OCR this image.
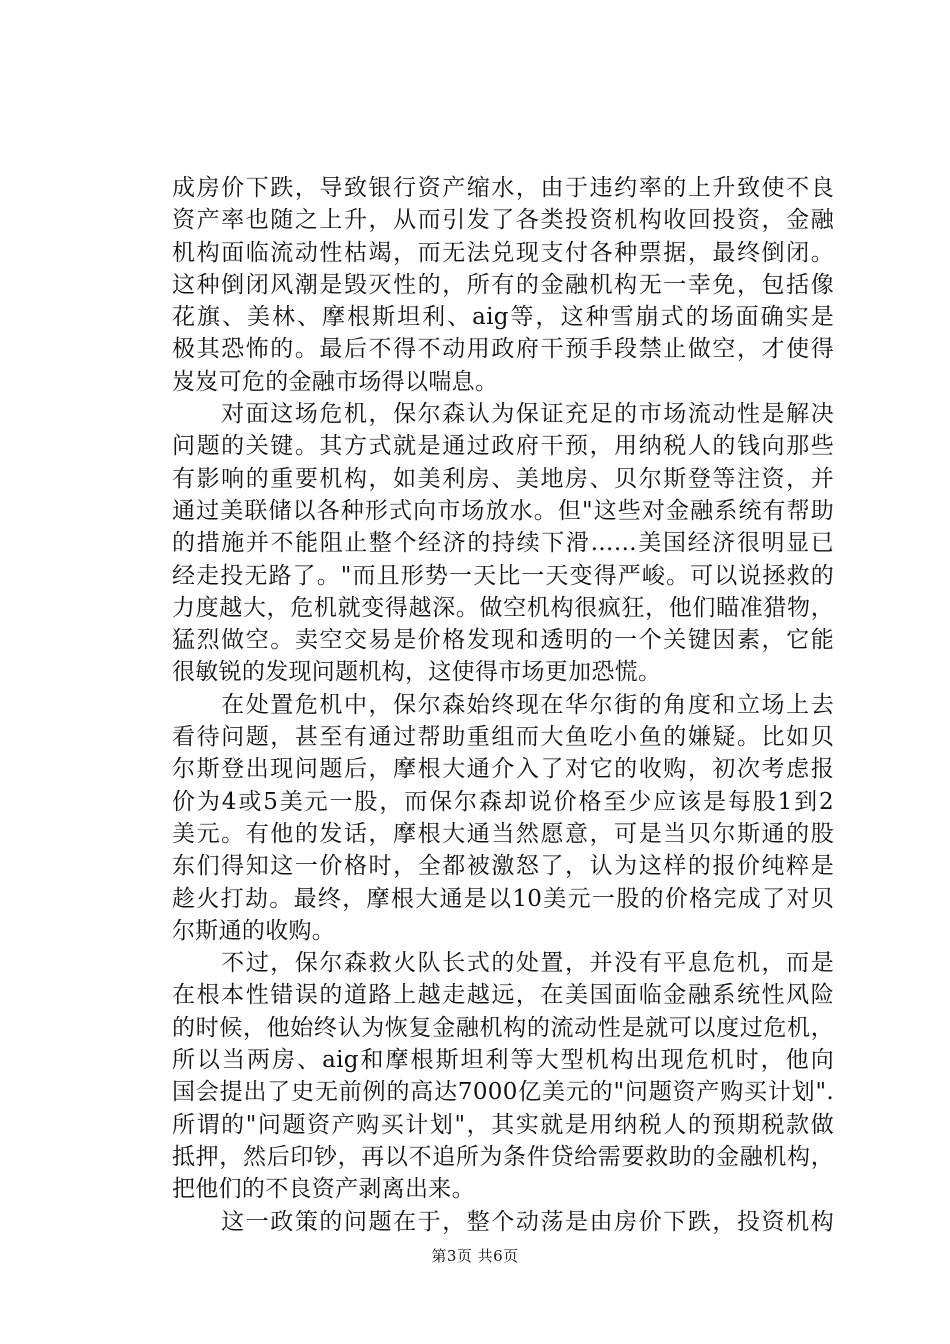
成房价下跌，导致银行资产缩水，由于违约率的上升致使不良
资产率也随之上升，从而引发了各类投资机构收回投资，金融
机构面临流动性枯竭，而无法兑现支付各种票据，最终倒闭。
这种倒闭风潮是毁灭性的，所有的金融机构无一幸免，包括像
花旗、美林、摩根斯坦利、aig等，这种雪崩式的场面确实是
极其恐怖的。最后不得不动用政府干预手段禁止做空，才使得
岌岌可危的金融市场得以喘息。
　　对面这场危机，保尔森认为保证充足的市场流动性是解决
问题的关键。其方式就是通过政府干预，用纳税人的钱向那些
有影响的重要机构，如美利房、美地房、贝尔斯登等注资，并
通过美联储以各种形式向市场放水。但"这些对金融系统有帮助
的措施并不能阻止整个经济的持续下滑……美国经济很明显已
经走投无路了。"而且形势一天比一天变得严峻。可以说拯救的
力度越大，危机就变得越深。做空机构很疯狂，他们瞄准猎物，
猛烈做空。卖空交易是价格发现和透明的一个关键因素，它能
很敏锐的发现问题机构，这使得市场更加恐慌。
　　在处置危机中，保尔森始终现在华尔街的角度和立场上去
看待问题，甚至有通过帮助重组而大鱼吃小鱼的嫌疑。比如贝
尔斯登出现问题后，摩根大通介入了对它的收购，初次考虑报
价为4或5美元一股，而保尔森却说价格至少应该是每股1到2
美元。有他的发话，摩根大通当然愿意，可是当贝尔斯通的股
东们得知这一价格时，全都被激怒了，认为这样的报价纯粹是
趁火打劫。最终，摩根大通是以10美元一股的价格完成了对贝
尔斯通的收购。
　　不过，保尔森救火队长式的处置，并没有平息危机，而是
在根本性错误的道路上越走越远，在美国面临金融系统性风险
的时候，他始终认为恢复金融机构的流动性是就可以度过危机，
所以当两房、aig和摩根斯坦利等大型机构出现危机时，他向
国会提出了史无前例的高达7000亿美元的"问题资产购买计划".
所谓的"问题资产购买计划"，其实就是用纳税人的预期税款做
抵押，然后印钞，再以不追所为条件贷给需要救助的金融机构，
把他们的不良资产剥离出来。
　　这一政策的问题在于，整个动荡是由房价下跌，投资机构
第3页 共6页
